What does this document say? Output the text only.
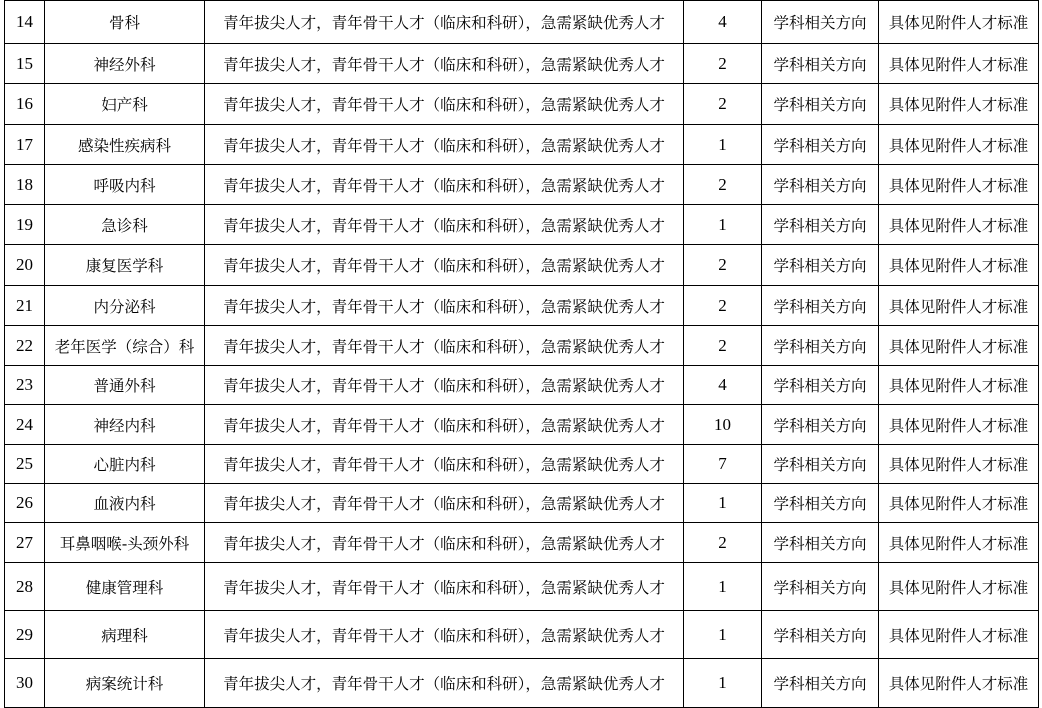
14	骨科	青年拔尖人才，青年骨干人才（临床和科研），急需紧缺优秀人才	4	学科相关方向	具体见附件人才标准
15	神经外科	青年拔尖人才，青年骨干人才（临床和科研），急需紧缺优秀人才	2	学科相关方向	具体见附件人才标准
16	妇产科	青年拔尖人才，青年骨干人才（临床和科研），急需紧缺优秀人才	2	学科相关方向	具体见附件人才标准
17	感染性疾病科	青年拔尖人才，青年骨干人才（临床和科研），急需紧缺优秀人才	1	学科相关方向	具体见附件人才标准
18	呼吸内科	青年拔尖人才，青年骨干人才（临床和科研），急需紧缺优秀人才	2	学科相关方向	具体见附件人才标准
19	急诊科	青年拔尖人才，青年骨干人才（临床和科研），急需紧缺优秀人才	1	学科相关方向	具体见附件人才标准
20	康复医学科	青年拔尖人才，青年骨干人才（临床和科研），急需紧缺优秀人才	2	学科相关方向	具体见附件人才标准
21	内分泌科	青年拔尖人才，青年骨干人才（临床和科研），急需紧缺优秀人才	2	学科相关方向	具体见附件人才标准
22	老年医学（综合）科	青年拔尖人才，青年骨干人才（临床和科研），急需紧缺优秀人才	2	学科相关方向	具体见附件人才标准
23	普通外科	青年拔尖人才，青年骨干人才（临床和科研），急需紧缺优秀人才	4	学科相关方向	具体见附件人才标准
24	神经内科	青年拔尖人才，青年骨干人才（临床和科研），急需紧缺优秀人才	10	学科相关方向	具体见附件人才标准
25	心脏内科	青年拔尖人才，青年骨干人才（临床和科研），急需紧缺优秀人才	7	学科相关方向	具体见附件人才标准
26	血液内科	青年拔尖人才，青年骨干人才（临床和科研），急需紧缺优秀人才	1	学科相关方向	具体见附件人才标准
27	耳鼻咽喉-头颈外科	青年拔尖人才，青年骨干人才（临床和科研），急需紧缺优秀人才	2	学科相关方向	具体见附件人才标准
28	健康管理科	青年拔尖人才，青年骨干人才（临床和科研），急需紧缺优秀人才	1	学科相关方向	具体见附件人才标准
29	病理科	青年拔尖人才，青年骨干人才（临床和科研），急需紧缺优秀人才	1	学科相关方向	具体见附件人才标准
30	病案统计科	青年拔尖人才，青年骨干人才（临床和科研），急需紧缺优秀人才	1	学科相关方向	具体见附件人才标准
